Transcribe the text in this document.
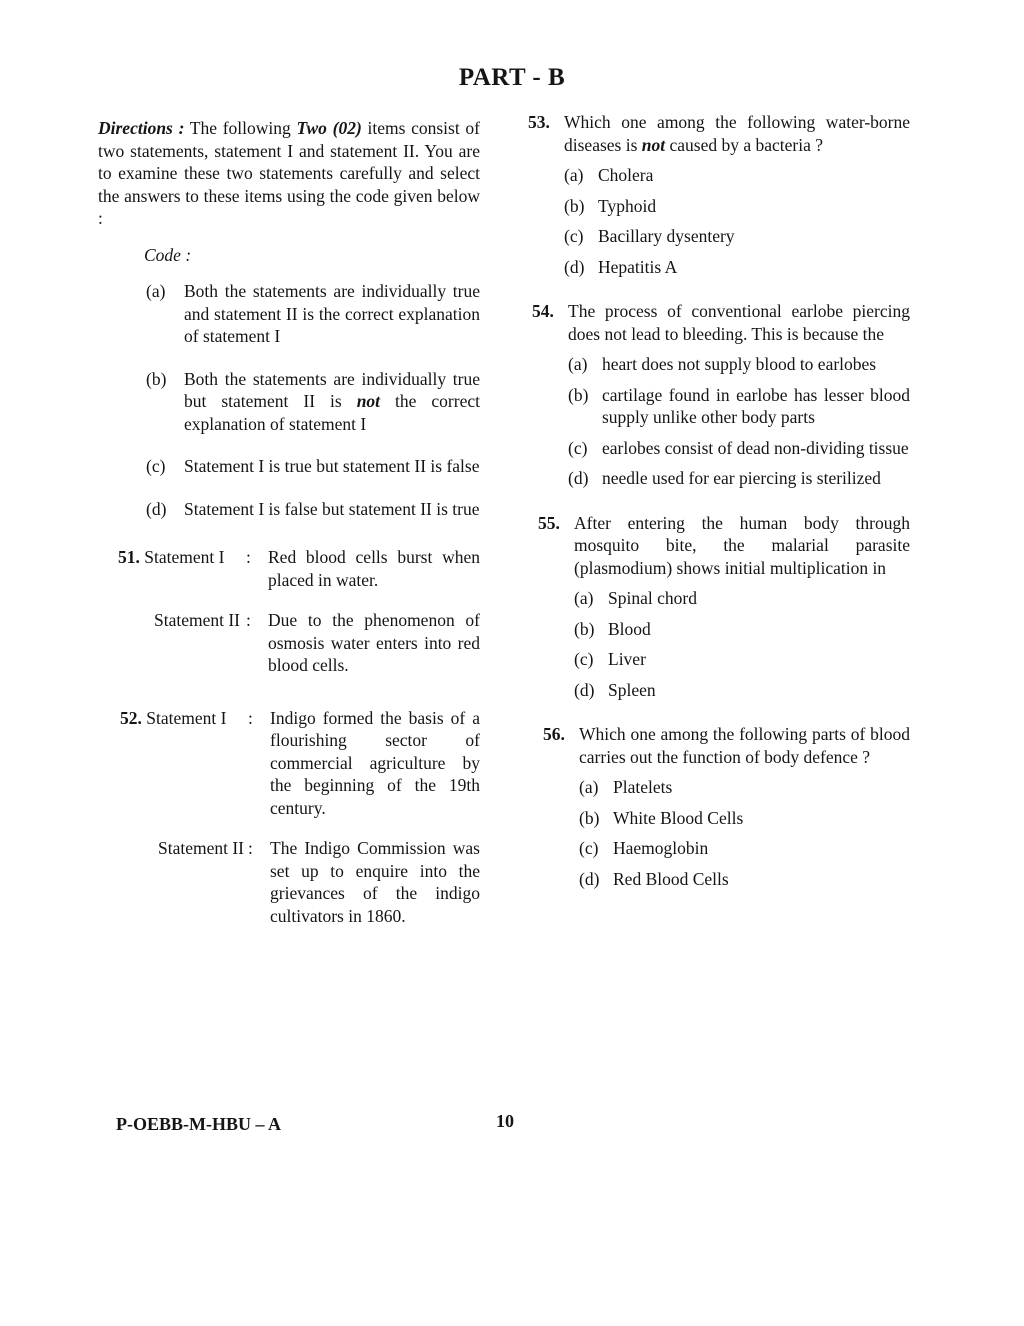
PART - B

Directions : The following Two (02) items consist of two statements, statement I and statement II. You are to examine these two statements carefully and select the answers to these items using the code given below :

Code :
(a)	Both the statements are individually true and statement II is the correct explanation of statement I
(b)	Both the statements are individually true but statement II is not the correct explanation of statement I
(c)	Statement I is true but statement II is false
(d)	Statement I is false but statement II is true
51. Statement I	: Red blood cells burst when placed in water.
Statement II : Due to the phenomenon of osmosis water enters into red blood cells.
52. Statement I	: Indigo formed the basis of a flourishing sector of commercial agriculture by the beginning of the 19th century.
Statement II : The Indigo Commission was set up to enquire into the grievances of the indigo cultivators in 1860.
53. Which one among the following water-borne diseases is not caused by a bacteria ?
(a) Cholera
(b) Typhoid
(c) Bacillary dysentery
(d) Hepatitis A
54. The process of conventional earlobe piercing does not lead to bleeding. This is because the
(a) heart does not supply blood to earlobes
(b) cartilage found in earlobe has lesser blood supply unlike other body parts
(c) earlobes consist of dead non-dividing tissue
(d) needle used for ear piercing is sterilized
55. After entering the human body through mosquito bite, the malarial parasite (plasmodium) shows initial multiplication in
(a) Spinal chord
(b) Blood
(c) Liver
(d) Spleen
56. Which one among the following parts of blood carries out the function of body defence ?
(a) Platelets
(b) White Blood Cells
(c) Haemoglobin
(d) Red Blood Cells
P-OEBB-M-HBU – A	10
